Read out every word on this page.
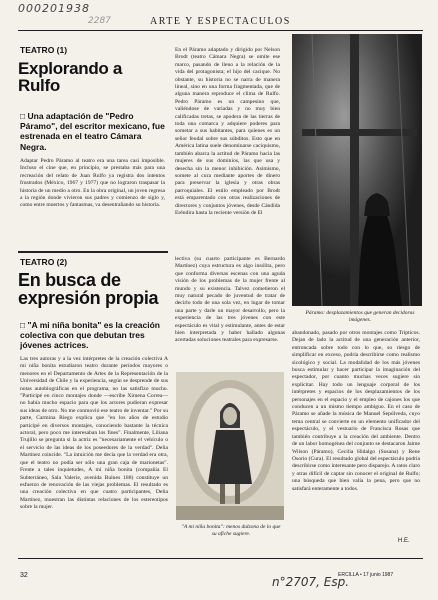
000201938
2287	ARTE Y ESPECTACULOS
TEATRO (1)
Explorando a Rulfo
□ Una adaptación de "Pedro Páramo", del escritor mexicano, fue estrenada en el teatro Cámara Negra.
Adaptar Pedro Páramo al teatro era una tarea casi imposible. Incluso el cine que, en principio, se prestaba más para una recreación del relato de Juan Rulfo ya registra dos intentos frustrados (México, 1967 y 1977) que no lograron traspasar la historia de un medio a otro. En la obra original, un joven regresa a la región donde vivieron sus padres y comienzo de siglo y, como entre muertos y fantasmas, va desentrañando su historia.
En el Páramo adaptado y dirigido por Nelson Brodt (teatro Cámara Negra) se omite ese marco, pasando de lleno a la relación de la vida del protagonista; el hijo del cacique. No obstante, su historia no se narra de manera lineal, sino en una forma fragmentada, que de alguna manera reproduce el clima de Rulfo. Pedro Páramo es un campesino que, valiéndose de variadas y no muy bien calificadas tretas, se apodera de las tierras de toda una comarca y adquiere poderes para sometar a sus habitantes, para quienes es un señor feudal sobre sus súbditos. Esto que en América latina suele denominarse caciquismo, también abarca la actitud de Páramo hacia las mujeres de sus dominios, las que usa y desecha sin la menor inhibición. Asimismo, somete al cura mediante aportes de dinero para preservar la iglesia y otras obras parroquiales. El estilo empleado por Brodt está emparentado con otras realizaciones de directores y conjuntos jóvenes, desde Cándida Eréndira hasta la reciente versión de El
Páramo: desplazamientos que generan decidoras imágenes.
TEATRO (2)
En busca de expresión propia
□ "A mi niña bonita" es la creación colectiva con que debutan tres jóvenes actrices.
Las tres autoras y a la vez intérpretes de la creación colectiva A mi niña bonita estudiaron teatro durante períodos mayores o menores en el Departamento de Artes de la Representación de la Universidad de Chile y la experiencia, según se desprende de sus notas autobiográficas en el programa, no las satisfizo mucho. "Participé en cinco montajes donde —escribe Ximena Correa— no había mucho espacio para que los actores pudieran expresar sus ideas de otro. No me conmovió ese teatro de inventar." Por su parte, Carmina Riego explica que "en los años de estudio participé en diversos montajes, conociendo bastante la técnica actoral, pero poco me interesaban los fines". Finalmente, Liliana Trujillo se pregunta si la actriz es "necesariamente el vehículo o el servicio de las ideas de los poseedores de la verdad". Delia Martínez coincide. "La intuición me decía que la verdad era otra, que el teatro no podía ser sólo una gran caja de marionetas". Frente a tales inquietudes, A mi niña bonita (compañía El Subterráneo, Sala Valerie, avenida Bulnes 188) constituye un esfuerzo de renovación de las viejas problemas. El resultado es una creación colectiva en que cuatro participantes, Delia Martínez, muestran las distintas relaciones de los estereotipos sobre la mujer.
lectiva (su cuarto participante es Bernardo Martínez) cuya estructura es algo insólita, pero que conforma diversas escenas con una aguda visión de los problemas de la mujer frente al mundo y su existencia. Talvez cometieron el muy natural pecado de juventud de tratar de decirlo todo de una sola vez, en lugar de tomar una parte y darle un mayor desarrollo, pero la experiencia de las tres jóvenes con este espectáculo es vital y estimulante, antes de estar bien interpretada y haber hallado algunas acertadas soluciones teatrales para expresarse.
"A mi niña bonita": menos dulzona de lo que su afiche sugiere.
abandonado, pasado por otros montajes como Tripticos. Dejan de lado la actitud de una generación anterior, entroncada sobre todo con lo que, so riesgo de simplificar en exceso, podría describirse como realismo sicológico y social. La modalidad de los más jóvenes busca estimular y hacer participar la imaginación del espectador, por cuanto muchas veces sugiere sin explicitar. Hay todo un lenguaje corporal de los intérpretes y espacios de los desplazamientos de los personajes en el espacio y el empleo de cajones los que conducen a un mismo tiempo ambiguo. En el caso de Páramo se añade la música de Manuel Sepúlveda, cuyo tema central se convierte en un elemento unificador del espectáculo, y el vestuario de Francisca Rosas que también contribuye a la creación del ambiente. Dentro de un labor homogénea del conjunto se destacaron Jaime Wilson (Páramo), Cecilia Hidalgo (Susana) y Rene Osorio (Cura). El resultado global del espectáculo podría describirse como interesante pero disparejo. A ratos claro y otras difícil de captar sin conocer el original de Rulfo; una búsqueda que bien valía la pena, pero que no satisfará enteramente a todos.
H.E.
32	n°2707, Esp.
ERCILLA • 17 junio 1987
